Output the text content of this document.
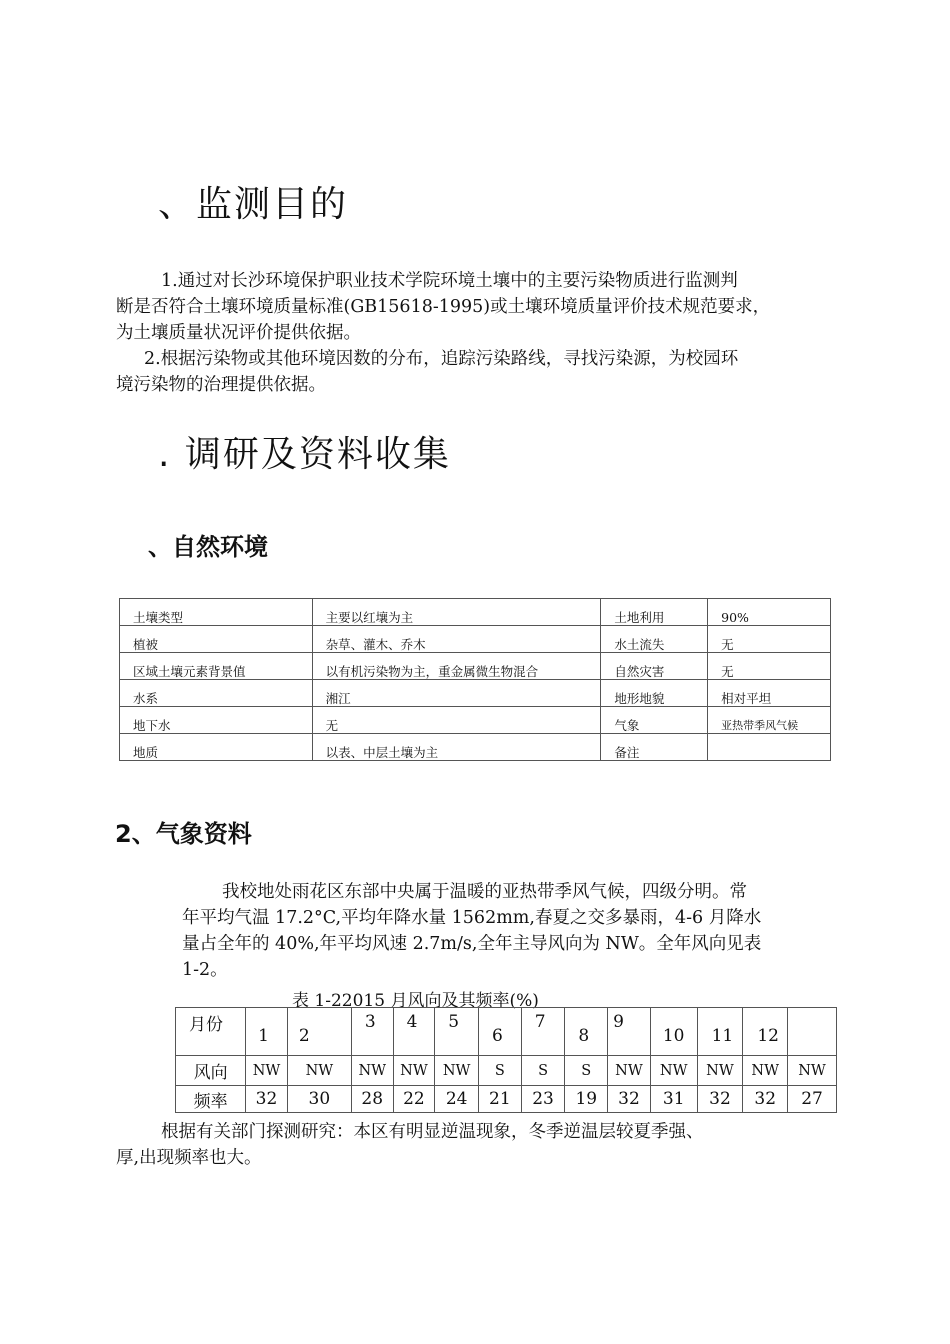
、监测目的
1.通过对长沙环境保护职业技术学院环境土壤中的主要污染物质进行监测判
断是否符合土壤环境质量标准(GB15618-1995)或土壤环境质量评价技术规范要求，
为土壤质量状况评价提供依据。
2.根据污染物或其他环境因数的分布，追踪污染路线，寻找污染源，为校园环
境污染物的治理提供依据。
. 调研及资料收集
、自然环境
土壤类型	主要以红壤为主	土地利用	90%
植被	杂草、灌木、乔木	水土流失	无
区域土壤元素背景值	以有机污染物为主，重金属微生物混合	自然灾害	无
水系	湘江	地形地貌	相对平坦
地下水	无	气象	亚热带季风气候
地质	以表、中层土壤为主	备注	
2、气象资料
我校地处雨花区东部中央属于温暖的亚热带季风气候，四级分明。常
年平均气温 17.2°C,平均年降水量 1562mm,春夏之交多暴雨，4-6 月降水
量占全年的 40%,年平均风速 2.7m/s,全年主导风向为 NW。全年风向见表
1-2。
表 1-22015 月风向及其频率(%)
月份	1	2	3	4	5	6	7	8	9	10	11	12	

风向	NW	NW	NW	NW	NW	S	S	S	NW	NW	NW	NW	NW
频率	32	30	28	22	24	21	23	19	32	31	32	32	27
根据有关部门探测研究：本区有明显逆温现象，冬季逆温层较夏季强、
厚,出现频率也大。
